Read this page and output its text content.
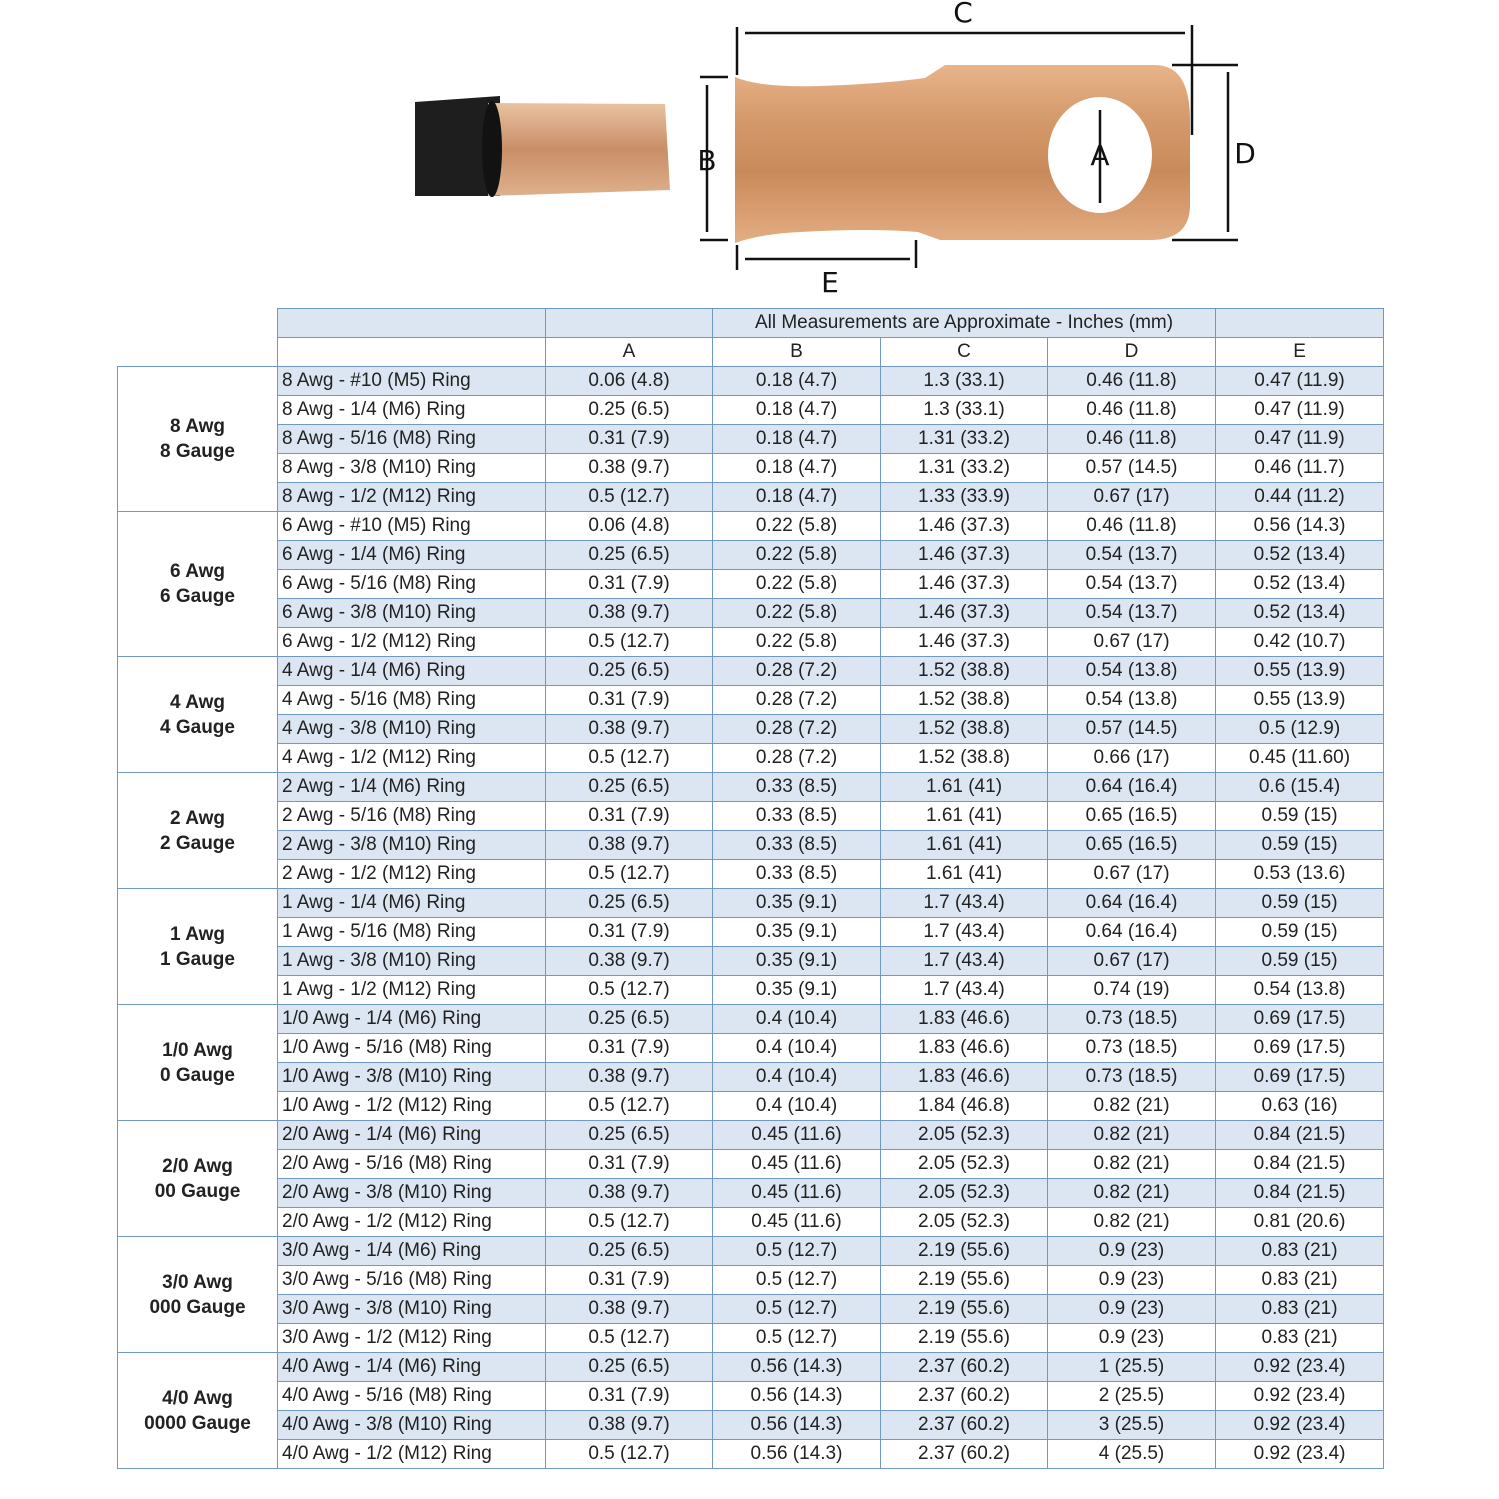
C
B	A	D
E
			All Measurements are Approximate - Inches (mm)			
		A	B	C	D	E

8 Awg
8 Gauge	8 Awg - #10 (M5) Ring	0.06 (4.8)	0.18 (4.7)	1.3 (33.1)	0.46 (11.8)	0.47 (11.9)
	8 Awg - 1/4 (M6) Ring	0.25 (6.5)	0.18 (4.7)	1.3 (33.1)	0.46 (11.8)	0.47 (11.9)
	8 Awg - 5/16 (M8) Ring	0.31 (7.9)	0.18 (4.7)	1.31 (33.2)	0.46 (11.8)	0.47 (11.9)
	8 Awg - 3/8 (M10) Ring	0.38 (9.7)	0.18 (4.7)	1.31 (33.2)	0.57 (14.5)	0.46 (11.7)
	8 Awg - 1/2 (M12) Ring	0.5 (12.7)	0.18 (4.7)	1.33 (33.9)	0.67 (17)	0.44 (11.2)

6 Awg
6 Gauge	6 Awg - #10 (M5) Ring	0.06 (4.8)	0.22 (5.8)	1.46 (37.3)	0.46 (11.8)	0.56 (14.3)
	6 Awg - 1/4 (M6) Ring	0.25 (6.5)	0.22 (5.8)	1.46 (37.3)	0.54 (13.7)	0.52 (13.4)
	6 Awg - 5/16 (M8) Ring	0.31 (7.9)	0.22 (5.8)	1.46 (37.3)	0.54 (13.7)	0.52 (13.4)
	6 Awg - 3/8 (M10) Ring	0.38 (9.7)	0.22 (5.8)	1.46 (37.3)	0.54 (13.7)	0.52 (13.4)
	6 Awg - 1/2 (M12) Ring	0.5 (12.7)	0.22 (5.8)	1.46 (37.3)	0.67 (17)	0.42 (10.7)

4 Awg
4 Gauge	4 Awg - 1/4 (M6) Ring	0.25 (6.5)	0.28 (7.2)	1.52 (38.8)	0.54 (13.8)	0.55 (13.9)
	4 Awg - 5/16 (M8) Ring	0.31 (7.9)	0.28 (7.2)	1.52 (38.8)	0.54 (13.8)	0.55 (13.9)
	4 Awg - 3/8 (M10) Ring	0.38 (9.7)	0.28 (7.2)	1.52 (38.8)	0.57 (14.5)	0.5 (12.9)
	4 Awg - 1/2 (M12) Ring	0.5 (12.7)	0.28 (7.2)	1.52 (38.8)	0.66 (17)	0.45 (11.60)

2 Awg
2 Gauge	2 Awg - 1/4 (M6) Ring	0.25 (6.5)	0.33 (8.5)	1.61 (41)	0.64 (16.4)	0.6 (15.4)
	2 Awg - 5/16 (M8) Ring	0.31 (7.9)	0.33 (8.5)	1.61 (41)	0.65 (16.5)	0.59 (15)
	2 Awg - 3/8 (M10) Ring	0.38 (9.7)	0.33 (8.5)	1.61 (41)	0.65 (16.5)	0.59 (15)
	2 Awg - 1/2 (M12) Ring	0.5 (12.7)	0.33 (8.5)	1.61 (41)	0.67 (17)	0.53 (13.6)

1 Awg
1 Gauge	1 Awg - 1/4 (M6) Ring	0.25 (6.5)	0.35 (9.1)	1.7 (43.4)	0.64 (16.4)	0.59 (15)
	1 Awg - 5/16 (M8) Ring	0.31 (7.9)	0.35 (9.1)	1.7 (43.4)	0.64 (16.4)	0.59 (15)
	1 Awg - 3/8 (M10) Ring	0.38 (9.7)	0.35 (9.1)	1.7 (43.4)	0.67 (17)	0.59 (15)
	1 Awg - 1/2 (M12) Ring	0.5 (12.7)	0.35 (9.1)	1.7 (43.4)	0.74 (19)	0.54 (13.8)

1/0 Awg
0 Gauge	1/0 Awg - 1/4 (M6) Ring	0.25 (6.5)	0.4 (10.4)	1.83 (46.6)	0.73 (18.5)	0.69 (17.5)
	1/0 Awg - 5/16 (M8) Ring	0.31 (7.9)	0.4 (10.4)	1.83 (46.6)	0.73 (18.5)	0.69 (17.5)
	1/0 Awg - 3/8 (M10) Ring	0.38 (9.7)	0.4 (10.4)	1.83 (46.6)	0.73 (18.5)	0.69 (17.5)
	1/0 Awg - 1/2 (M12) Ring	0.5 (12.7)	0.4 (10.4)	1.84 (46.8)	0.82 (21)	0.63 (16)

2/0 Awg
00 Gauge	2/0 Awg - 1/4 (M6) Ring	0.25 (6.5)	0.45 (11.6)	2.05 (52.3)	0.82 (21)	0.84 (21.5)
	2/0 Awg - 5/16 (M8) Ring	0.31 (7.9)	0.45 (11.6)	2.05 (52.3)	0.82 (21)	0.84 (21.5)
	2/0 Awg - 3/8 (M10) Ring	0.38 (9.7)	0.45 (11.6)	2.05 (52.3)	0.82 (21)	0.84 (21.5)
	2/0 Awg - 1/2 (M12) Ring	0.5 (12.7)	0.45 (11.6)	2.05 (52.3)	0.82 (21)	0.81 (20.6)

3/0 Awg
000 Gauge	3/0 Awg - 1/4 (M6) Ring	0.25 (6.5)	0.5 (12.7)	2.19 (55.6)	0.9 (23)	0.83 (21)
	3/0 Awg - 5/16 (M8) Ring	0.31 (7.9)	0.5 (12.7)	2.19 (55.6)	0.9 (23)	0.83 (21)
	3/0 Awg - 3/8 (M10) Ring	0.38 (9.7)	0.5 (12.7)	2.19 (55.6)	0.9 (23)	0.83 (21)
	3/0 Awg - 1/2 (M12) Ring	0.5 (12.7)	0.5 (12.7)	2.19 (55.6)	0.9 (23)	0.83 (21)

4/0 Awg
0000 Gauge	4/0 Awg - 1/4 (M6) Ring	0.25 (6.5)	0.56 (14.3)	2.37 (60.2)	1 (25.5)	0.92 (23.4)
	4/0 Awg - 5/16 (M8) Ring	0.31 (7.9)	0.56 (14.3)	2.37 (60.2)	2 (25.5)	0.92 (23.4)
	4/0 Awg - 3/8 (M10) Ring	0.38 (9.7)	0.56 (14.3)	2.37 (60.2)	3 (25.5)	0.92 (23.4)
	4/0 Awg - 1/2 (M12) Ring	0.5 (12.7)	0.56 (14.3)	2.37 (60.2)	4 (25.5)	0.92 (23.4)
